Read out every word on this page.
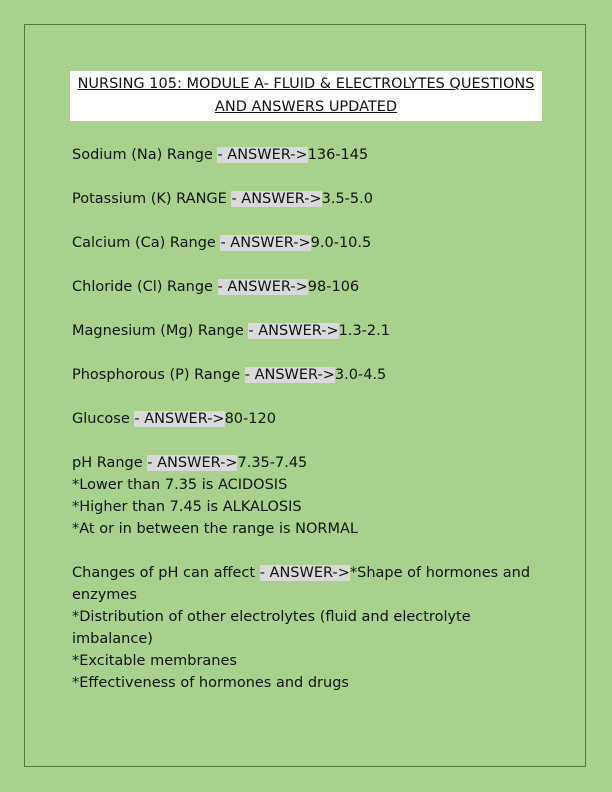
NURSING 105: MODULE A- FLUID & ELECTROLYTES QUESTIONS
AND ANSWERS UPDATED
Sodium (Na) Range - ANSWER->136-145
Potassium (K) RANGE - ANSWER->3.5-5.0
Calcium (Ca) Range - ANSWER->9.0-10.5
Chloride (Cl) Range - ANSWER->98-106
Magnesium (Mg) Range - ANSWER->1.3-2.1
Phosphorous (P) Range - ANSWER->3.0-4.5
Glucose - ANSWER->80-120
pH Range - ANSWER->7.35-7.45
*Lower than 7.35 is ACIDOSIS
*Higher than 7.45 is ALKALOSIS
*At or in between the range is NORMAL
Changes of pH can affect - ANSWER->*Shape of hormones and
enzymes
*Distribution of other electrolytes (fluid and electrolyte
imbalance)
*Excitable membranes
*Effectiveness of hormones and drugs
